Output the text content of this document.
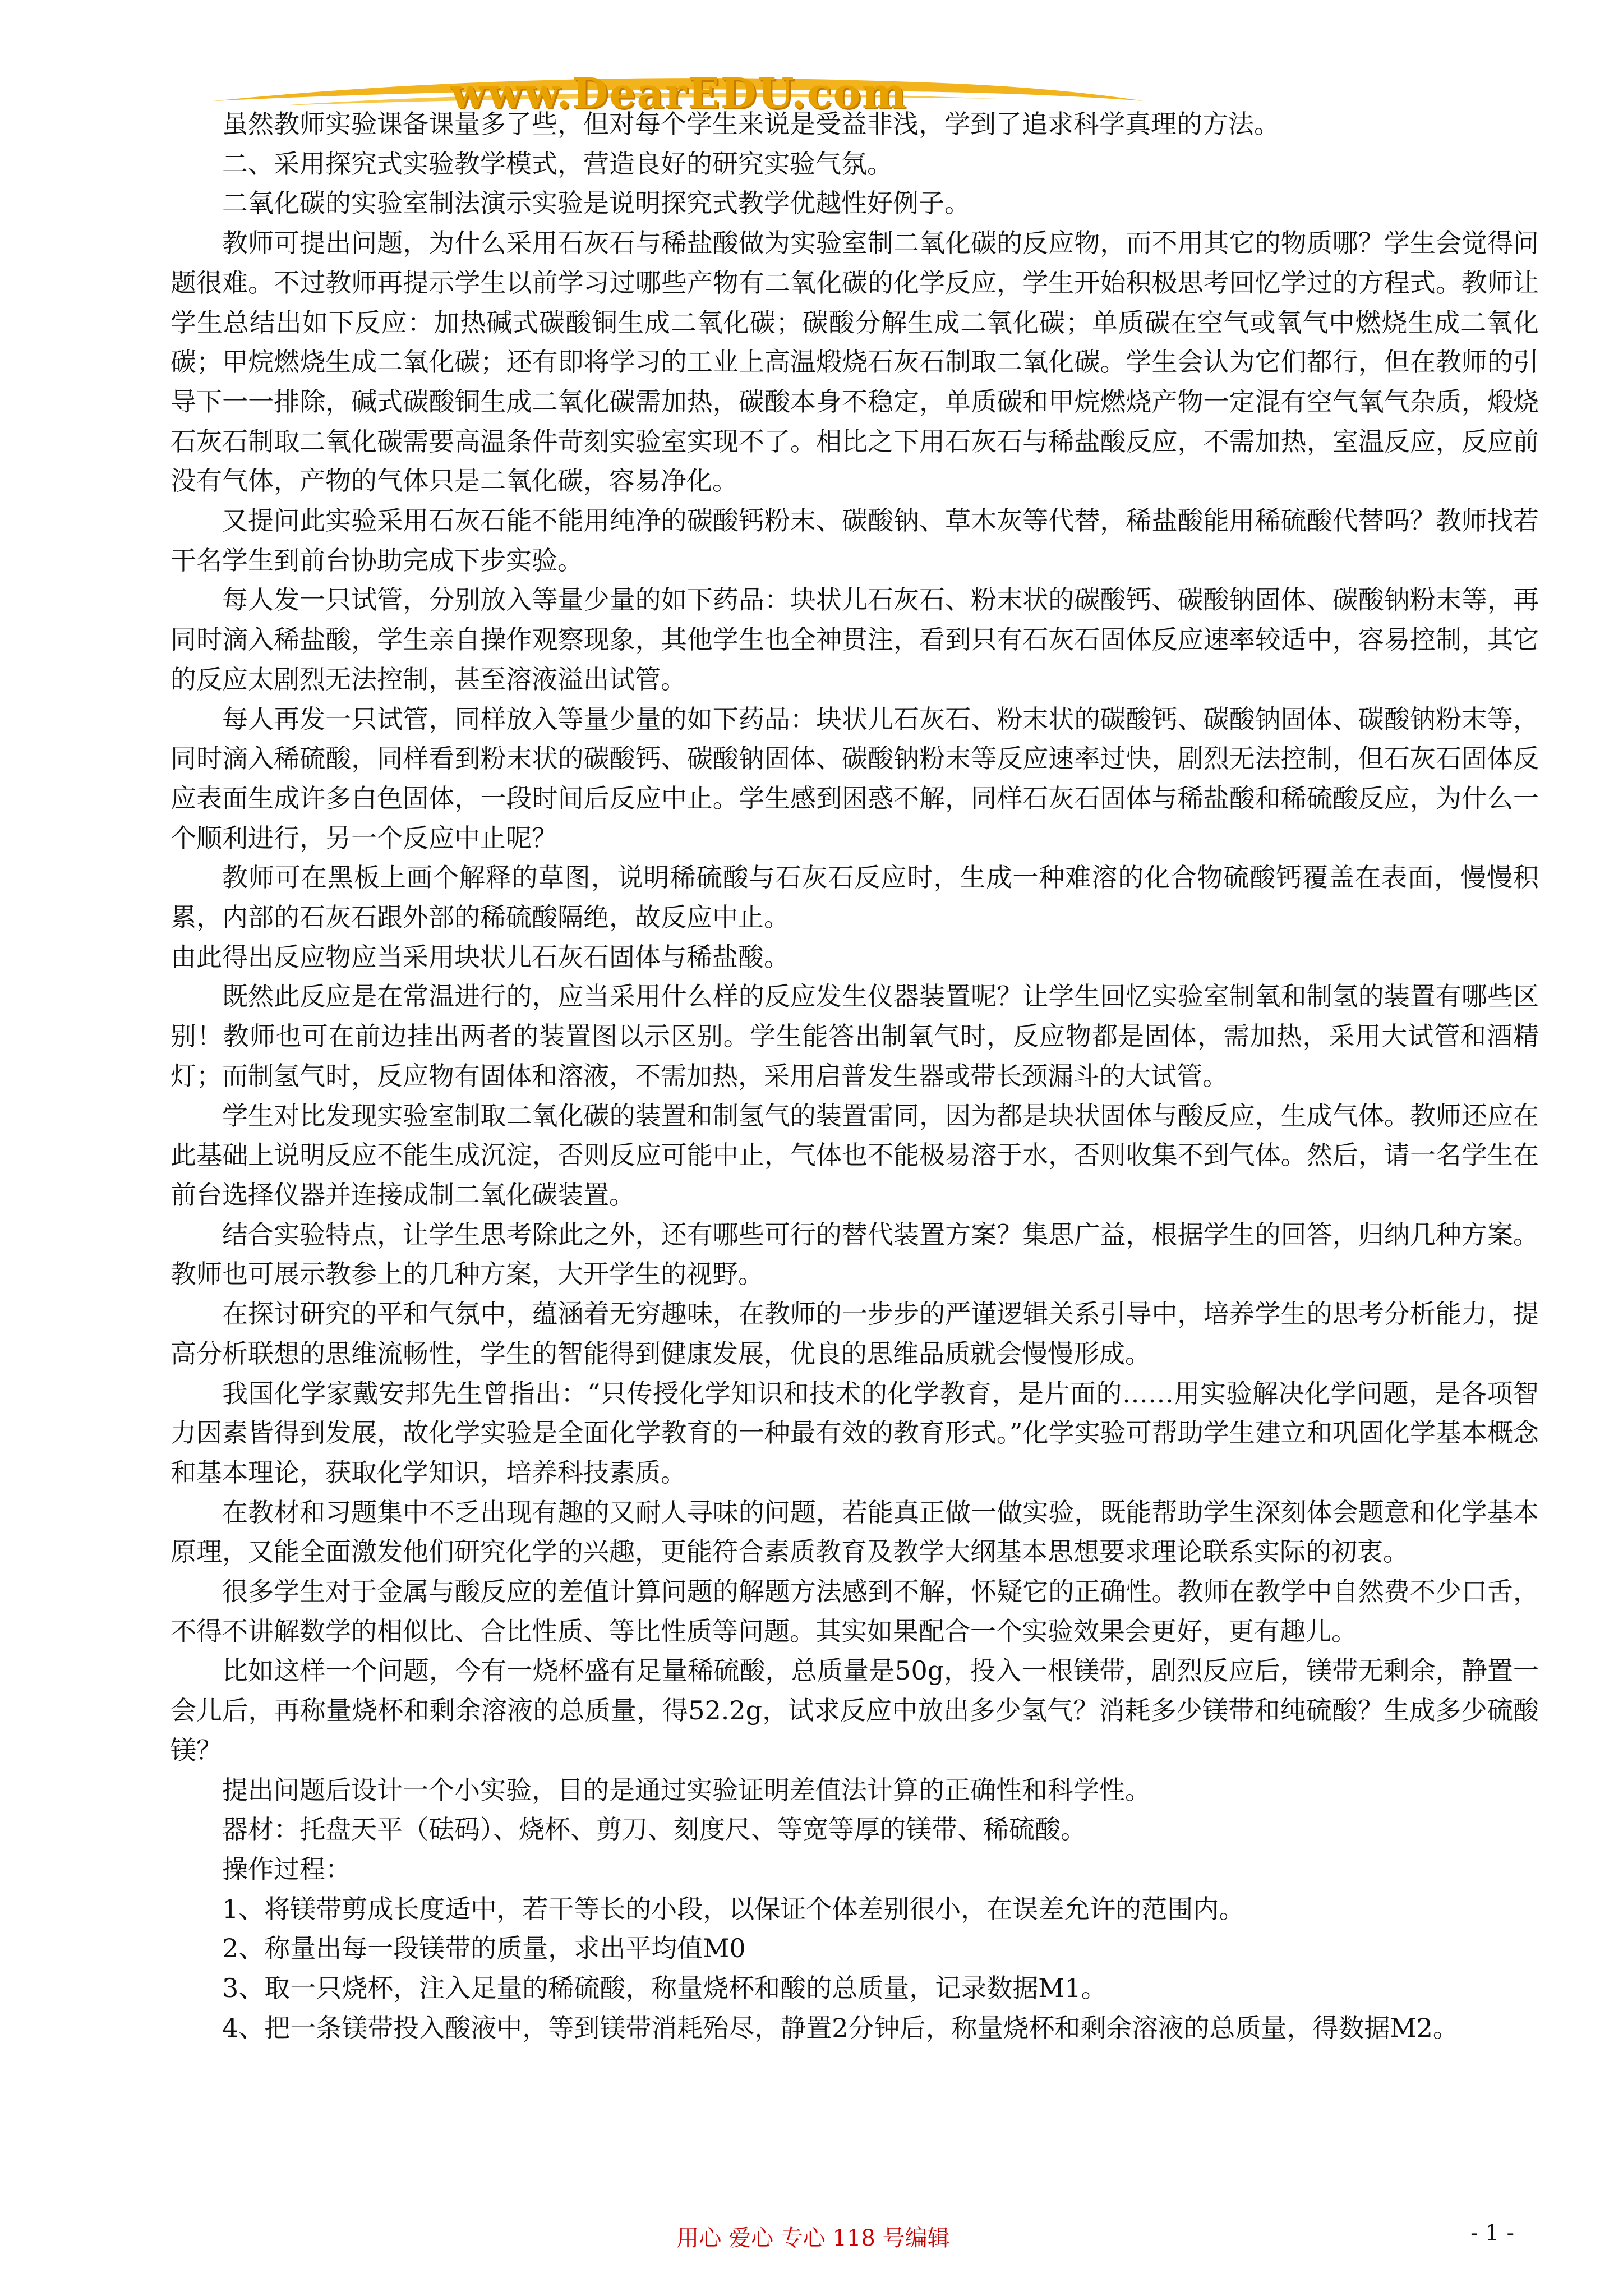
www.DearEDU.com

虽然教师实验课备课量多了些，但对每个学生来说是受益非浅，学到了追求科学真理的方法。

二、采用探究式实验教学模式，营造良好的研究实验气氛。

二氧化碳的实验室制法演示实验是说明探究式教学优越性好例子。

教师可提出问题，为什么采用石灰石与稀盐酸做为实验室制二氧化碳的反应物，而不用其它的物质哪？学生会觉得问题很难。不过教师再提示学生以前学习过哪些产物有二氧化碳的化学反应，学生开始积极思考回忆学过的方程式。教师让学生总结出如下反应：加热碱式碳酸铜生成二氧化碳；碳酸分解生成二氧化碳；单质碳在空气或氧气中燃烧生成二氧化碳；甲烷燃烧生成二氧化碳；还有即将学习的工业上高温煅烧石灰石制取二氧化碳。学生会认为它们都行，但在教师的引导下一一排除，碱式碳酸铜生成二氧化碳需加热，碳酸本身不稳定，单质碳和甲烷燃烧产物一定混有空气氧气杂质，煅烧石灰石制取二氧化碳需要高温条件苛刻实验室实现不了。相比之下用石灰石与稀盐酸反应，不需加热，室温反应，反应前没有气体，产物的气体只是二氧化碳，容易净化。

又提问此实验采用石灰石能不能用纯净的碳酸钙粉末、碳酸钠、草木灰等代替，稀盐酸能用稀硫酸代替吗？教师找若干名学生到前台协助完成下步实验。

每人发一只试管，分别放入等量少量的如下药品：块状儿石灰石、粉末状的碳酸钙、碳酸钠固体、碳酸钠粉末等，再同时滴入稀盐酸，学生亲自操作观察现象，其他学生也全神贯注，看到只有石灰石固体反应速率较适中，容易控制，其它的反应太剧烈无法控制，甚至溶液溢出试管。

每人再发一只试管，同样放入等量少量的如下药品：块状儿石灰石、粉末状的碳酸钙、碳酸钠固体、碳酸钠粉末等，同时滴入稀硫酸，同样看到粉末状的碳酸钙、碳酸钠固体、碳酸钠粉末等反应速率过快，剧烈无法控制，但石灰石固体反应表面生成许多白色固体，一段时间后反应中止。学生感到困惑不解，同样石灰石固体与稀盐酸和稀硫酸反应，为什么一个顺利进行，另一个反应中止呢？

教师可在黑板上画个解释的草图，说明稀硫酸与石灰石反应时，生成一种难溶的化合物硫酸钙覆盖在表面，慢慢积累，内部的石灰石跟外部的稀硫酸隔绝，故反应中止。

由此得出反应物应当采用块状儿石灰石固体与稀盐酸。

既然此反应是在常温进行的，应当采用什么样的反应发生仪器装置呢？让学生回忆实验室制氧和制氢的装置有哪些区别！教师也可在前边挂出两者的装置图以示区别。学生能答出制氧气时，反应物都是固体，需加热，采用大试管和酒精灯；而制氢气时，反应物有固体和溶液，不需加热，采用启普发生器或带长颈漏斗的大试管。

学生对比发现实验室制取二氧化碳的装置和制氢气的装置雷同，因为都是块状固体与酸反应，生成气体。教师还应在此基础上说明反应不能生成沉淀，否则反应可能中止，气体也不能极易溶于水，否则收集不到气体。然后，请一名学生在前台选择仪器并连接成制二氧化碳装置。

结合实验特点，让学生思考除此之外，还有哪些可行的替代装置方案？集思广益，根据学生的回答，归纳几种方案。教师也可展示教参上的几种方案，大开学生的视野。

在探讨研究的平和气氛中，蕴涵着无穷趣味，在教师的一步步的严谨逻辑关系引导中，培养学生的思考分析能力，提高分析联想的思维流畅性，学生的智能得到健康发展，优良的思维品质就会慢慢形成。

我国化学家戴安邦先生曾指出：“只传授化学知识和技术的化学教育，是片面的……用实验解决化学问题，是各项智力因素皆得到发展，故化学实验是全面化学教育的一种最有效的教育形式。”化学实验可帮助学生建立和巩固化学基本概念和基本理论，获取化学知识，培养科技素质。

在教材和习题集中不乏出现有趣的又耐人寻味的问题，若能真正做一做实验，既能帮助学生深刻体会题意和化学基本原理，又能全面激发他们研究化学的兴趣，更能符合素质教育及教学大纲基本思想要求理论联系实际的初衷。

很多学生对于金属与酸反应的差值计算问题的解题方法感到不解，怀疑它的正确性。教师在教学中自然费不少口舌，不得不讲解数学的相似比、合比性质、等比性质等问题。其实如果配合一个实验效果会更好，更有趣儿。

比如这样一个问题，今有一烧杯盛有足量稀硫酸，总质量是50g，投入一根镁带，剧烈反应后，镁带无剩余，静置一会儿后，再称量烧杯和剩余溶液的总质量，得52.2g，试求反应中放出多少氢气？消耗多少镁带和纯硫酸？生成多少硫酸镁？

提出问题后设计一个小实验，目的是通过实验证明差值法计算的正确性和科学性。

器材：托盘天平（砝码）、烧杯、剪刀、刻度尺、等宽等厚的镁带、稀硫酸。

操作过程：

1、将镁带剪成长度适中，若干等长的小段，以保证个体差别很小，在误差允许的范围内。

2、称量出每一段镁带的质量，求出平均值M0

3、取一只烧杯，注入足量的稀硫酸，称量烧杯和酸的总质量，记录数据M1。

4、把一条镁带投入酸液中，等到镁带消耗殆尽，静置2分钟后，称量烧杯和剩余溶液的总质量，得数据M2。

用心 爱心 专心 118 号编辑	- 1 -
